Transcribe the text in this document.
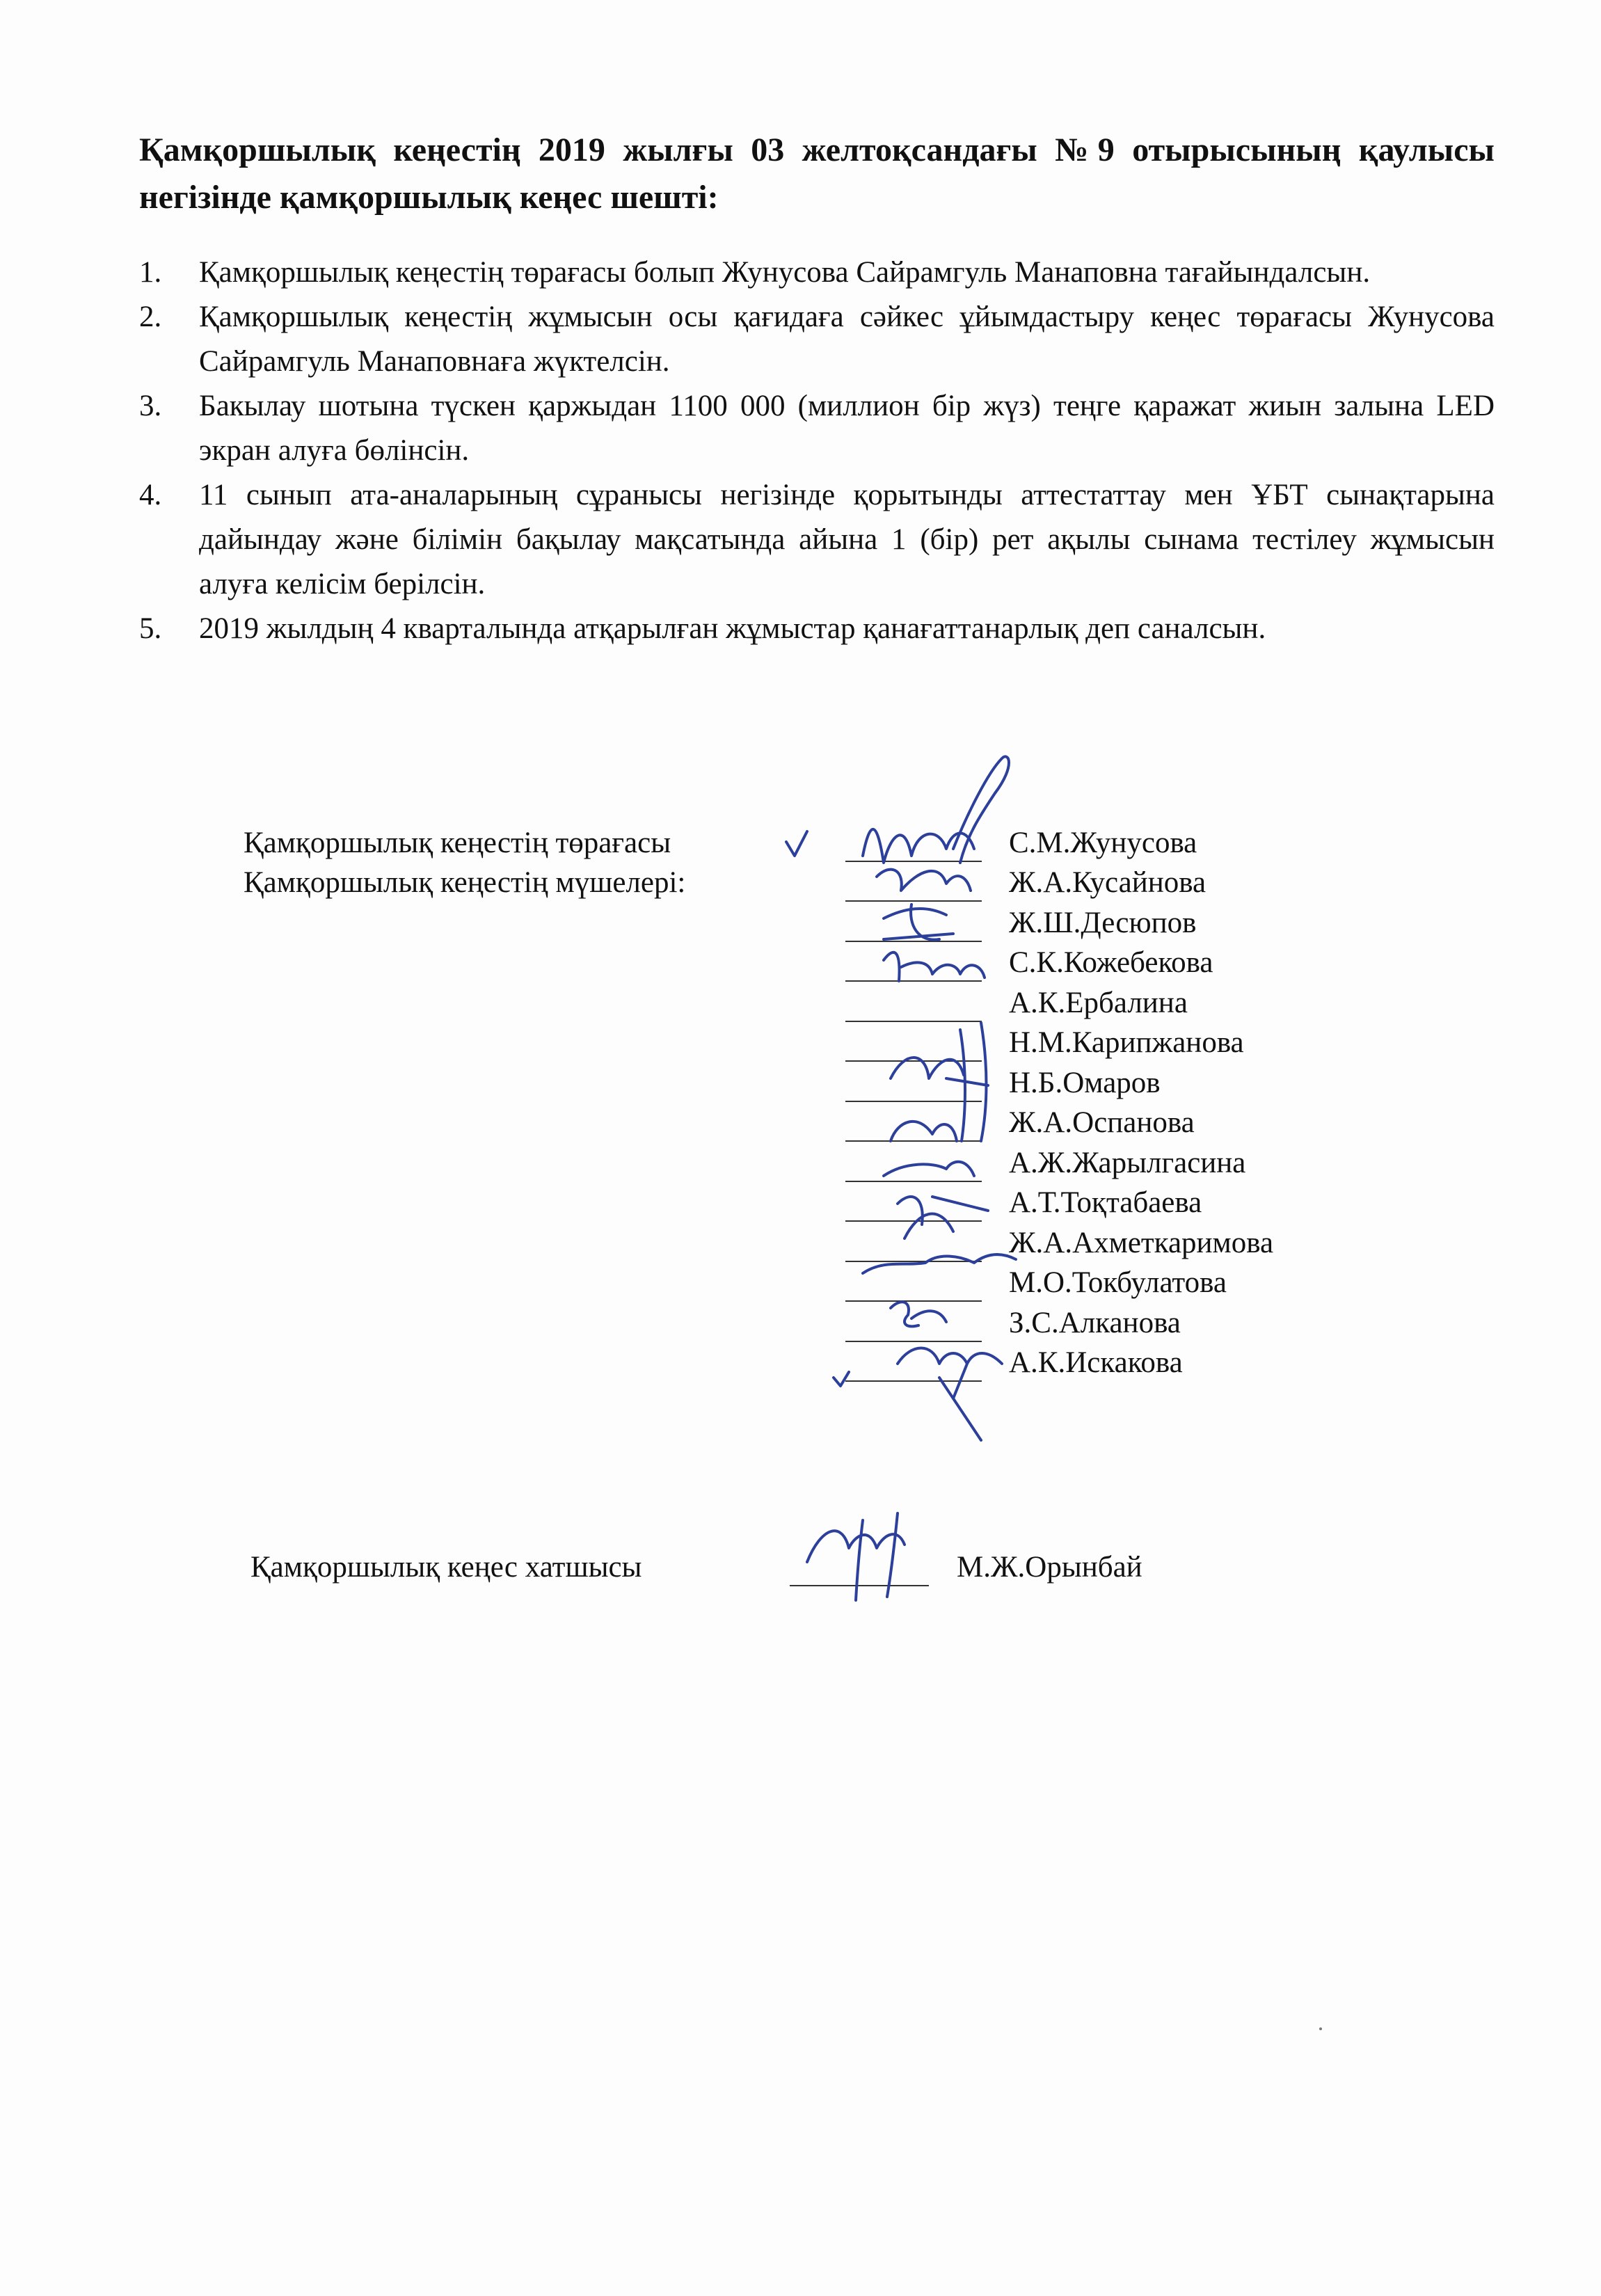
Қамқоршылық кеңестің 2019 жылғы 03 желтоқсандағы №9 отырысының қаулысы негізінде қамқоршылық кеңес шешті:
1. Қамқоршылық кеңестің төрағасы болып Жунусова Сайрамгуль Манаповна тағайындалсын.
2. Қамқоршылық кеңестің жұмысын осы қағидаға сәйкес ұйымдастыру кеңес төрағасы Жунусова Сайрамгуль Манаповнаға жүктелсін.
3. Бакылау шотына түскен қаржыдан 1100 000 (миллион бір жүз) теңге қаражат жиын залына LED экран алуға бөлінсін.
4. 11 сынып ата-аналарының сұранысы негізінде қорытынды аттестаттау мен ҰБТ сынақтарына дайындау және білімін бақылау мақсатында айына 1 (бір) рет ақылы сынама тестілеу жұмысын алуға келісім берілсін.
5. 2019 жылдың 4 кварталында атқарылған жұмыстар қанағаттанарлық деп саналсын.
Қамқоршылық кеңестің төрағасы
Қамқоршылық кеңестің мүшелері:
С.М.Жунусова
Ж.А.Кусайнова
Ж.Ш.Десюпов
С.К.Кожебекова
А.К.Ербалина
Н.М.Карипжанова
Н.Б.Омаров
Ж.А.Оспанова
А.Ж.Жарылгасина
А.Т.Тоқтабаева
Ж.А.Ахметкаримова
М.О.Токбулатова
З.С.Алканова
А.К.Искакова
Қамқоршылық кеңес хатшысы	М.Ж.Орынбай
